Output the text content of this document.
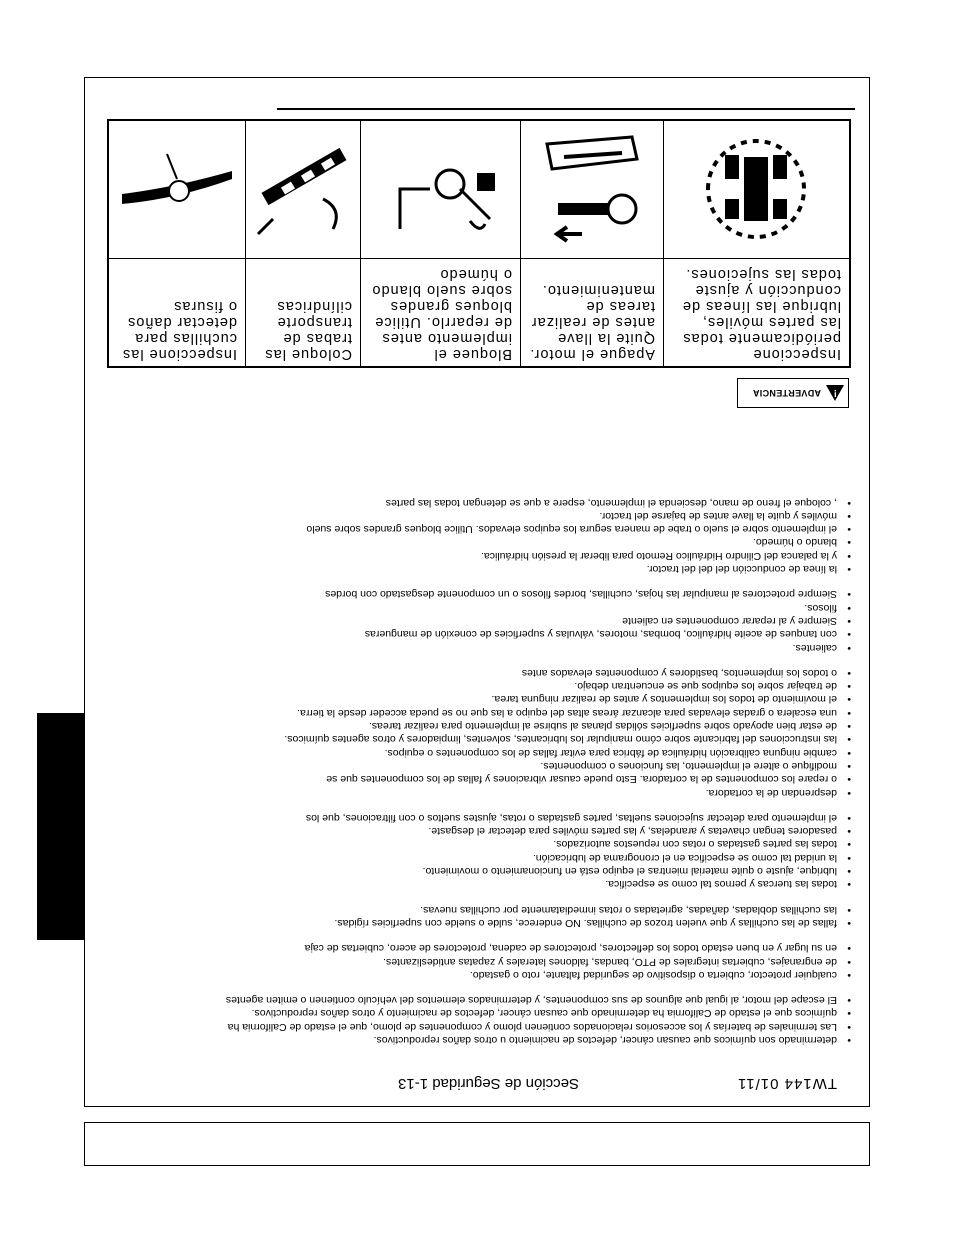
TW144 01/11
Sección de Seguridad 1-13
• determinado son químicos que causan cáncer, defectos de nacimiento u otros daños reproductivos.
• Las terminales de baterías y los accesorios relacionados contienen plomo y componentes de plomo, que el estado de California ha
• químicos que el estado de California ha determinado que causan cáncer, defectos de nacimiento y otros daños reproductivos.
• El escape del motor, al igual que algunos de sus componentes, y determinados elementos del vehículo contienen o emiten agentes
• cualquier protector, cubierta o dispositivo de seguridad faltante, roto o gastado.
• de engranajes, cubiertas integrales de PTO, bandas, faldones laterales y zapatas antideslizantes.
• en su lugar y en buen estado todos los deflectores, protectores de cadena, protectores de acero, cubiertas de caja
• fallas de las cuchillas y que vuelen trozos de cuchillas. NO enderece, sulde o suelde con superficies rígidas.
• las cuchillas dobladas, dañadas, agrietadas o rotas inmediatamente por cuchillas nuevas.
• todas las tuercas y pernos tal como se especifica.
• lubrique, ajuste o quite material mientras el equipo está en funcionamiento o movimiento.
• la unidad tal como se especifica en el cronograma de lubricación.
• todas las partes gastadas o rotas con repuestos autorizados.
• pasadores tengan chavetas y arandelas, y las partes móviles para detectar el desgaste.
• el implemento para detectar sujeciones sueltas, partes gastadas o rotas, ajustes sueltos o con filtraciones, que los
• desprendan de la cortadora.
• o repare los componentes de la cortadora. Esto puede causar vibraciones y fallas de los componentes que se
• modifique o altere el implemento, las funciones o componentes.
• cambie ninguna calibración hidráulica de fábrica para evitar fallas de los componentes o equipos.
• las instrucciones del fabricante sobre cómo manipular los lubricantes, solventes, limpiadores y otros agentes químicos.
• de estar bien apoyado sobre superficies sólidas planas al subirse al implemento para realizar tareas.
• una escalera o gradas elevadas para alcanzar áreas altas del equipo a las que no se pueda acceder desde la tierra.
• el movimiento de todos los implementos y antes de realizar ninguna tarea.
• de trabajar sobre los equipos que se encuentran debajo.
• o todos los implementos, bastidores y componentes elevados antes
• calientes.
• con tanques de aceite hidráulico, bombas, motores, válvulas y superficies de conexión de mangueras
• Siempre y al reparar componentes en caliente
• filosos.
• Siempre protectores al manipular las hojas, cuchillas, bordes filosos o un componente desgastado con bordes
• la línea de conducción del del del tractor.
• y la palanca del Cilindro Hidráulico Remoto para liberar la presión hidráulica.
• blando o húmedo.
• el implemento sobre el suelo o trabe de manera segura los equipos elevados. Utilice bloques grandes sobre suelo
• móviles y quite la llave antes de bajarse del tractor.
• , coloque el freno de mano, descienda el implemento, espere a que se detengan todas las partes
!
ADVERTENCIA
Inspeccione periódicamente todas las partes móviles, lubrique las líneas de conducción y ajuste todas las sujeciones.
Apague el motor. Quite la llave antes de realizar tareas de mantenimiento.
Bloquee el implemento antes de reparrlo. Utilice bloques grandes sobre suelo blando o húmedo
Coloque las trabas de transporte cilíndricas
Inspeccione las cuchillas para detectar daños o fisuras
